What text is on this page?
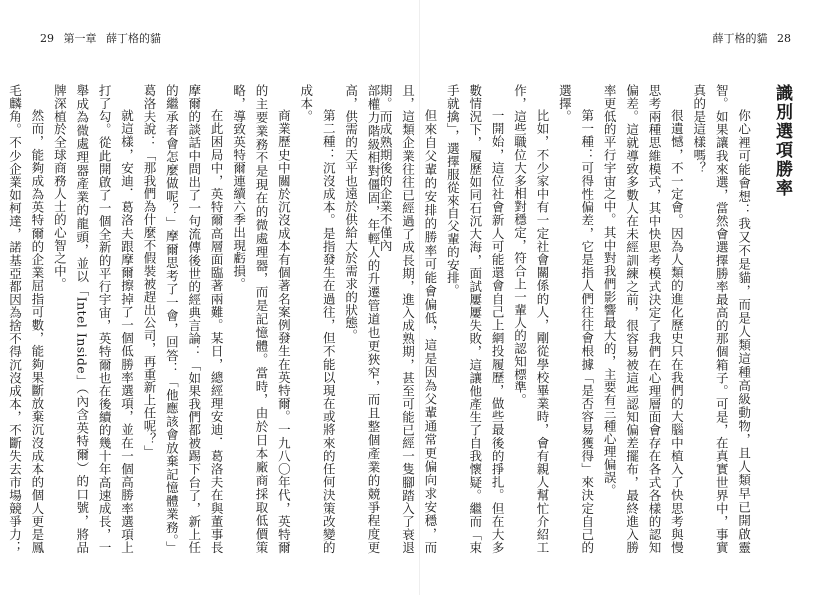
29 第一章 薛丁格的貓

部權力階級相對僵固，年輕人的升遷管道也更狹窄，而且整個產業的競爭程度更高，供需的天平也遠於供給大於需求的狀態。

第二種：沉沒成本。是指發生在過往，但不能以現在或將來的任何決策改變的成本。

商業歷史中關於沉沒成本有個著名案例發生在英特爾。一九八〇年代，英特爾的主要業務不是現在的微處理器，而是記憶體。當時，由於日本廠商採取低價策略，導致英特爾連續六季出現虧損。

在此困局中，英特爾高層面臨著兩難。某日，總經理安迪．葛洛夫在與董事長摩爾的談話中問出了一句流傳後世的經典言論：「如果我們都被踢下台了，新上任的繼承者會怎麼做呢？」摩爾思考了一會，回答：「他應該會放棄記憶體業務。」葛洛夫說：「那我們為什麼不假裝被趕出公司，再重新上任呢？」

就這樣，安迪．葛洛夫跟摩爾擦掉了一個低勝率選項，並在一個高勝率選項上打了勾。從此開啟了一個全新的平行宇宙，英特爾也在後續的幾十年高速成長，一舉成為微處理器產業的龍頭，並以「Intel Inside」（內含英特爾）的口號，將品牌深植於全球商務人士的心智之中。

然而，能夠成為英特爾的企業屈指可數，能夠果斷放棄沉沒成本的個人更是鳳毛麟角。不少企業如柯達，諾基亞都因為捨不得沉沒成本，不斷失去市場競爭力；

薛丁格的貓 28

識別選項勝率

你心裡可能會想：我又不是貓，而是人類這種高級動物，且人類早已開啟靈智。如果讓我來選，當然會選擇勝率最高的那個箱子。可是，在真實世界中，事實真的是這樣嗎？

很遺憾，不一定會。因為人類的進化歷史只在我們的大腦中植入了快思考與慢思考兩種思維模式，其中快思考模式決定了我們在心理層面會存在各式各樣的認知偏差。這就導致多數人在未經訓練之前，很容易被這些認知偏差擺布，最終進入勝率更低的平行宇宙之中。其中對我們影響最大的，主要有三種心理偏誤。

第一種：可得性偏差，它是指人們往往會根據「是否容易獲得」來決定自己的選擇。

比如，不少家中有一定社會關係的人，剛從學校畢業時，會有親人幫忙介紹工作，這些職位大多相對穩定，符合上一輩人的認知標準。

一開始，這位社會新人可能還會自己上網投履歷，做些最後的掙扎。但在大多數情況下，履歷如同石沉大海，面試屢屢失敗，這讓他產生了自我懷疑。繼而「束手就擒」，選擇服從來自父輩的安排。

但來自父輩的安排的勝率可能會偏低，這是因為父輩通常更偏向求安穩，而且，這類企業往往已經過了成長期，進入成熟期，甚至可能已經一隻腳踏入了衰退期。而成熟期後的企業不僅內
